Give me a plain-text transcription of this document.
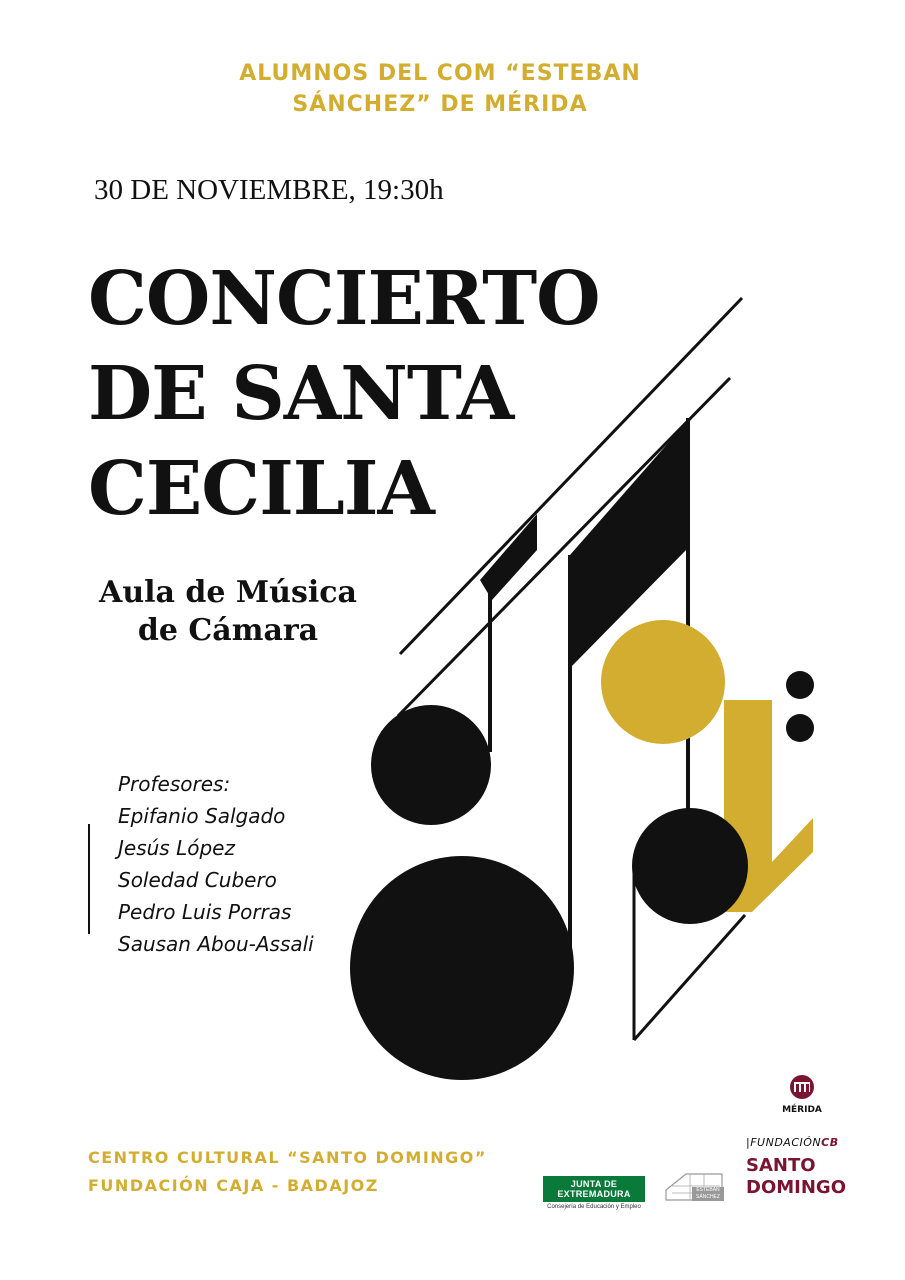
ALUMNOS DEL COM “ESTEBAN
SÁNCHEZ” DE MÉRIDA
30 DE NOVIEMBRE, 19:30h
CONCIERTO
DE SANTA
CECILIA
Aula de Música
de Cámara
Profesores:
Epifanio Salgado
Jesús López
Soledad Cubero
Pedro Luis Porras
Sausan Abou-Assali
CENTRO CULTURAL “SANTO DOMINGO”
FUNDACIÓN CAJA - BADAJOZ	JUNTA DE EXTREMADURA
Consejería de Educación y Empleo
ESTEBAN SÁNCHEZ
MÉRIDA
|FUNDACIÓNCB
SANTO
DOMINGO
